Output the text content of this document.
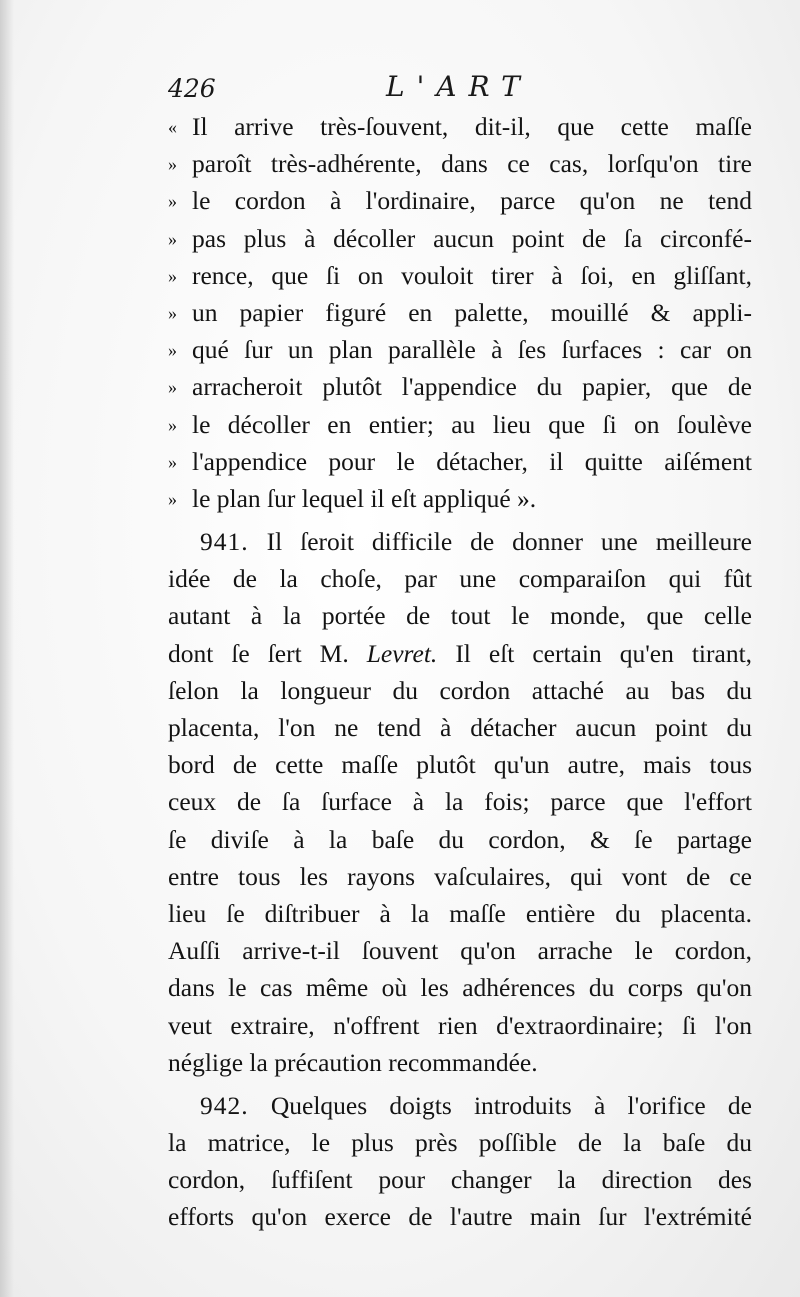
426	L'ART
« Il arrive très-ſouvent, dit-il, que cette maſſe
» paroît très-adhérente, dans ce cas, lorſqu'on tire
» le cordon à l'ordinaire, parce qu'on ne tend
» pas plus à décoller aucun point de ſa circonfé-
» rence, que ſi on vouloit tirer à ſoi, en gliſſant,
» un papier figuré en palette, mouillé & appli-
» qué ſur un plan parallèle à ſes ſurfaces : car on
» arracheroit plutôt l'appendice du papier, que de
» le décoller en entier; au lieu que ſi on ſoulève
» l'appendice pour le détacher, il quitte aiſément
» le plan ſur lequel il eſt appliqué ».
941. Il ſeroit difficile de donner une meilleure
idée de la choſe, par une comparaiſon qui fût
autant à la portée de tout le monde, que celle
dont ſe ſert M. Levret. Il eſt certain qu'en tirant,
ſelon la longueur du cordon attaché au bas du
placenta, l'on ne tend à détacher aucun point du
bord de cette maſſe plutôt qu'un autre, mais tous
ceux de ſa ſurface à la fois; parce que l'effort
ſe diviſe à la baſe du cordon, & ſe partage
entre tous les rayons vaſculaires, qui vont de ce
lieu ſe diſtribuer à la maſſe entière du placenta.
Auſſi arrive-t-il ſouvent qu'on arrache le cordon,
dans le cas même où les adhérences du corps qu'on
veut extraire, n'offrent rien d'extraordinaire; ſi l'on
néglige la précaution recommandée.
942. Quelques doigts introduits à l'orifice de
la matrice, le plus près poſſible de la baſe du
cordon, ſuffiſent pour changer la direction des
efforts qu'on exerce de l'autre main ſur l'extrémité
